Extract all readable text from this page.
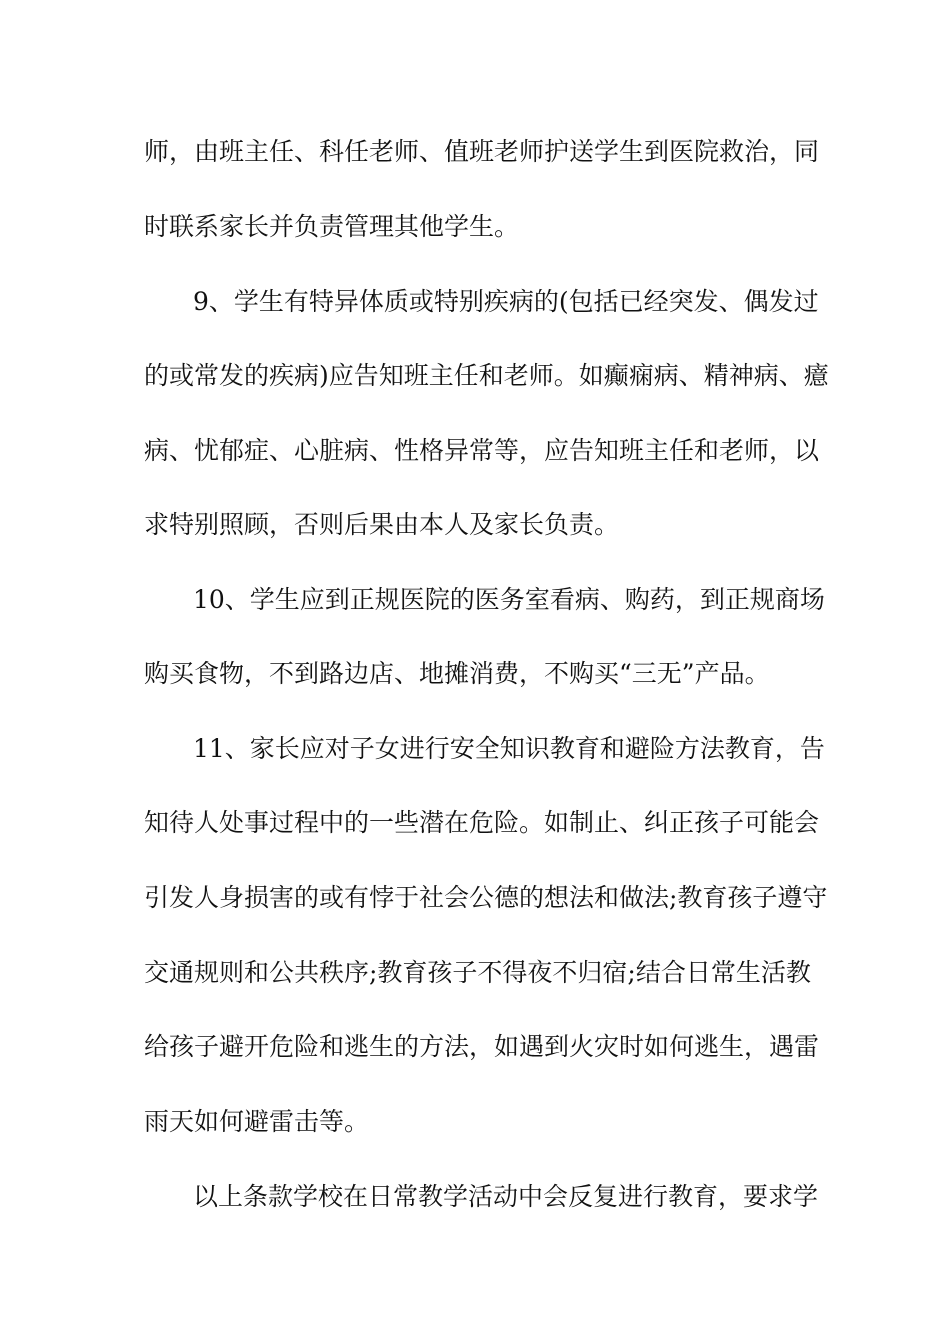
师，由班主任、科任老师、值班老师护送学生到医院救治，同
时联系家长并负责管理其他学生。
9、学生有特异体质或特别疾病的(包括已经突发、偶发过
的或常发的疾病)应告知班主任和老师。如癫痫病、精神病、癔
病、忧郁症、心脏病、性格异常等，应告知班主任和老师，以
求特别照顾，否则后果由本人及家长负责。
10、学生应到正规医院的医务室看病、购药，到正规商场
购买食物，不到路边店、地摊消费，不购买“三无”产品。
11、家长应对子女进行安全知识教育和避险方法教育，告
知待人处事过程中的一些潜在危险。如制止、纠正孩子可能会
引发人身损害的或有悖于社会公德的想法和做法;教育孩子遵守
交通规则和公共秩序;教育孩子不得夜不归宿;结合日常生活教
给孩子避开危险和逃生的方法，如遇到火灾时如何逃生，遇雷
雨天如何避雷击等。
以上条款学校在日常教学活动中会反复进行教育，要求学
